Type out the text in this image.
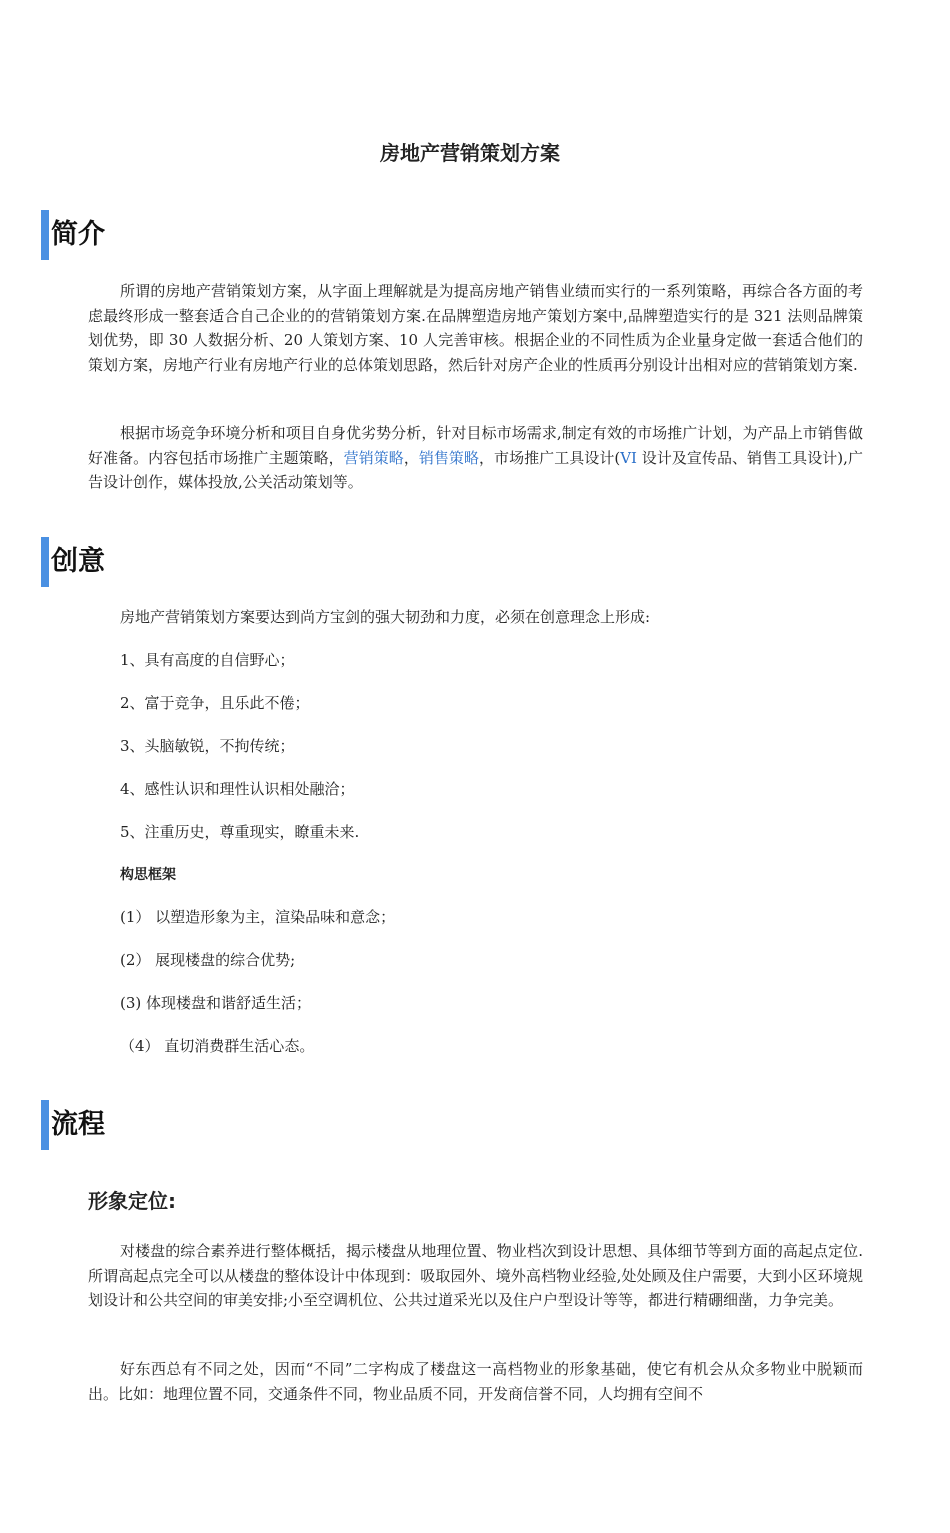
房地产营销策划方案
简介

所谓的房地产营销策划方案，从字面上理解就是为提高房地产销售业绩而实行的一系列策略，再综合各方面的考虑最终形成一整套适合自己企业的的营销策划方案.在品牌塑造房地产策划方案中,品牌塑造实行的是 321 法则品牌策划优势，即 30 人数据分析、20 人策划方案、10 人完善审核。根据企业的不同性质为企业量身定做一套适合他们的策划方案，房地产行业有房地产行业的总体策划思路，然后针对房产企业的性质再分别设计出相对应的营销策划方案.

根据市场竞争环境分析和项目自身优劣势分析，针对目标市场需求,制定有效的市场推广计划，为产品上市销售做好准备。内容包括市场推广主题策略，营销策略，销售策略，市场推广工具设计(VI 设计及宣传品、销售工具设计),广告设计创作，媒体投放,公关活动策划等。

创意

房地产营销策划方案要达到尚方宝剑的强大韧劲和力度，必须在创意理念上形成:

1、具有高度的自信野心；

2、富于竞争，且乐此不倦；

3、头脑敏锐，不拘传统；

4、感性认识和理性认识相处融洽；

5、注重历史，尊重现实，瞭重未来.

构思框架

(1） 以塑造形象为主，渲染品味和意念；

(2） 展现楼盘的综合优势;

(3) 体现楼盘和谐舒适生活；

（4） 直切消费群生活心态。

流程
形象定位:

对楼盘的综合素养进行整体概括，揭示楼盘从地理位置、物业档次到设计思想、具体细节等到方面的高起点定位.所谓高起点完全可以从楼盘的整体设计中体现到：吸取园外、境外高档物业经验,处处顾及住户需要，大到小区环境规划设计和公共空间的审美安排;小至空调机位、公共过道采光以及住户户型设计等等，都进行精硼细凿，力争完美。

好东西总有不同之处，因而“不同”二字构成了楼盘这一高档物业的形象基础，使它有机会从众多物业中脱颖而出。比如：地理位置不同，交通条件不同，物业品质不同，开发商信誉不同，人均拥有空间不
